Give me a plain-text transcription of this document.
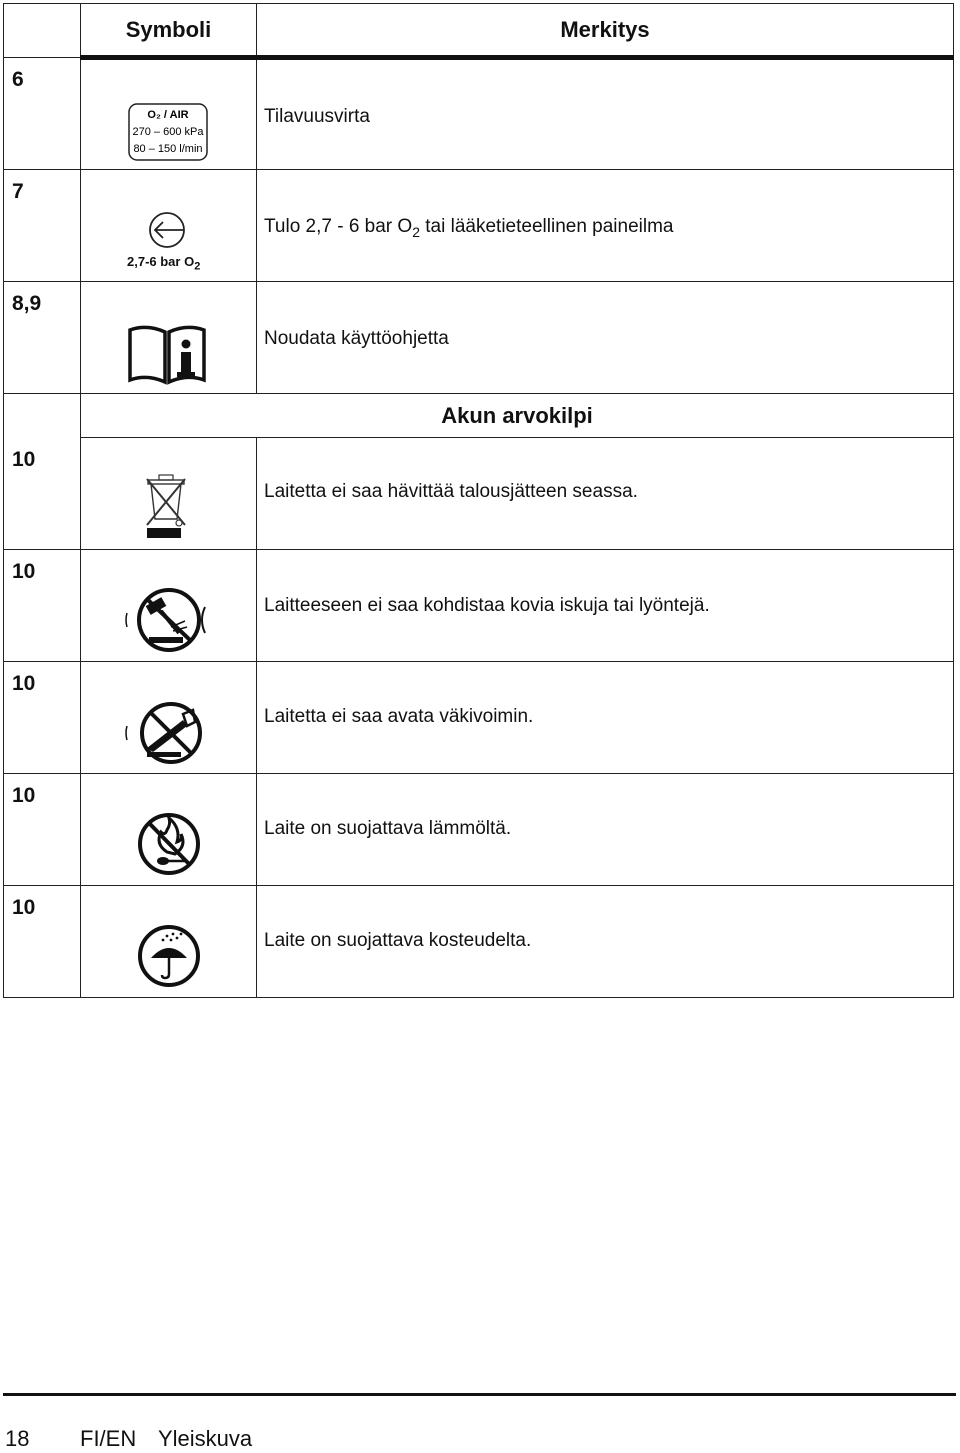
	Symboli	Merkitys
6	O₂ / AIR
270 – 600 kPa
80 – 150 l/min	Tilavuusvirta

7	2,7-6 bar $O_2$	Tulo 2,7 - 6 bar $O_2$ tai lääketieteellinen paineilma

8,9		Noudata käyttöohjetta

	Akun arvokilpi	
10		Laitetta ei saa hävittää talousjätteen seassa.

10		Laitteeseen ei saa kohdistaa kovia iskuja tai lyöntejä.

10		Laitetta ei saa avata väkivoimin.

10		Laite on suojattava lämmöltä.

10		Laite on suojattava kosteudelta.
18 FI/EN Yleiskuva
